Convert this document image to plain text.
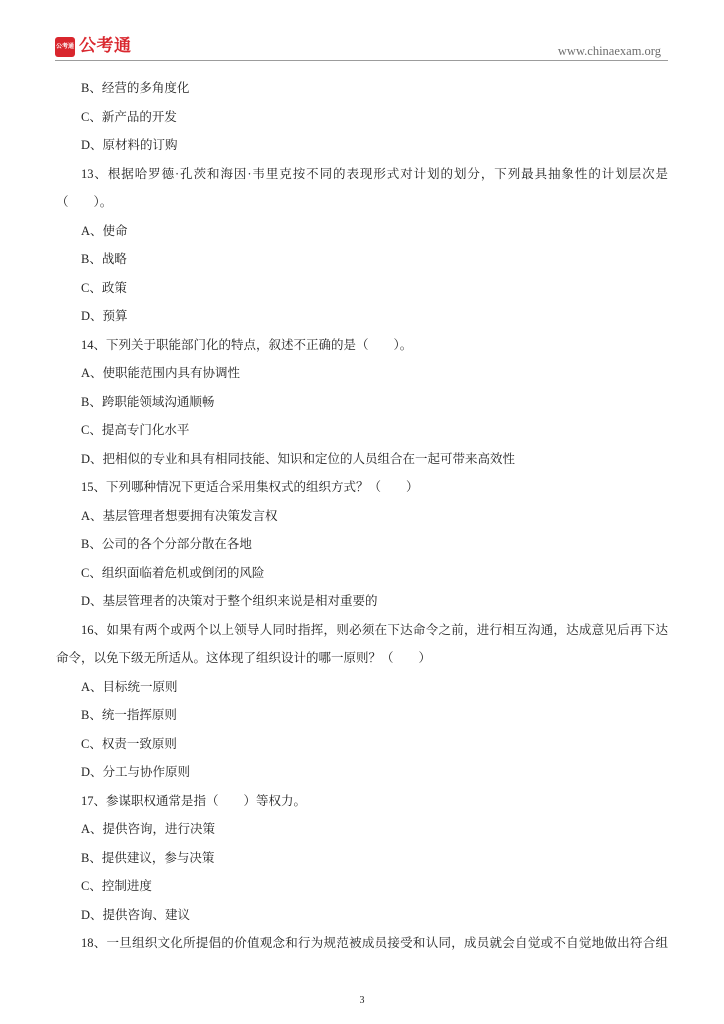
公考通 公考通	www.chinaexam.org
B、经营的多角度化
C、新产品的开发
D、原材料的订购
13、根据哈罗德·孔茨和海因·韦里克按不同的表现形式对计划的划分，下列最具抽象性的计划层次是
（　　）。
A、使命
B、战略
C、政策
D、预算
14、下列关于职能部门化的特点，叙述不正确的是（　　）。
A、使职能范围内具有协调性
B、跨职能领域沟通顺畅
C、提高专门化水平
D、把相似的专业和具有相同技能、知识和定位的人员组合在一起可带来高效性
15、下列哪种情况下更适合采用集权式的组织方式？（　　）
A、基层管理者想要拥有决策发言权
B、公司的各个分部分散在各地
C、组织面临着危机或倒闭的风险
D、基层管理者的决策对于整个组织来说是相对重要的
16、如果有两个或两个以上领导人同时指挥，则必须在下达命令之前，进行相互沟通，达成意见后再下达
命令，以免下级无所适从。这体现了组织设计的哪一原则？（　　）
A、目标统一原则
B、统一指挥原则
C、权责一致原则
D、分工与协作原则
17、参谋职权通常是指（　　）等权力。
A、提供咨询，进行决策
B、提供建议，参与决策
C、控制进度
D、提供咨询、建议
18、一旦组织文化所提倡的价值观念和行为规范被成员接受和认同，成员就会自觉或不自觉地做出符合组
3
